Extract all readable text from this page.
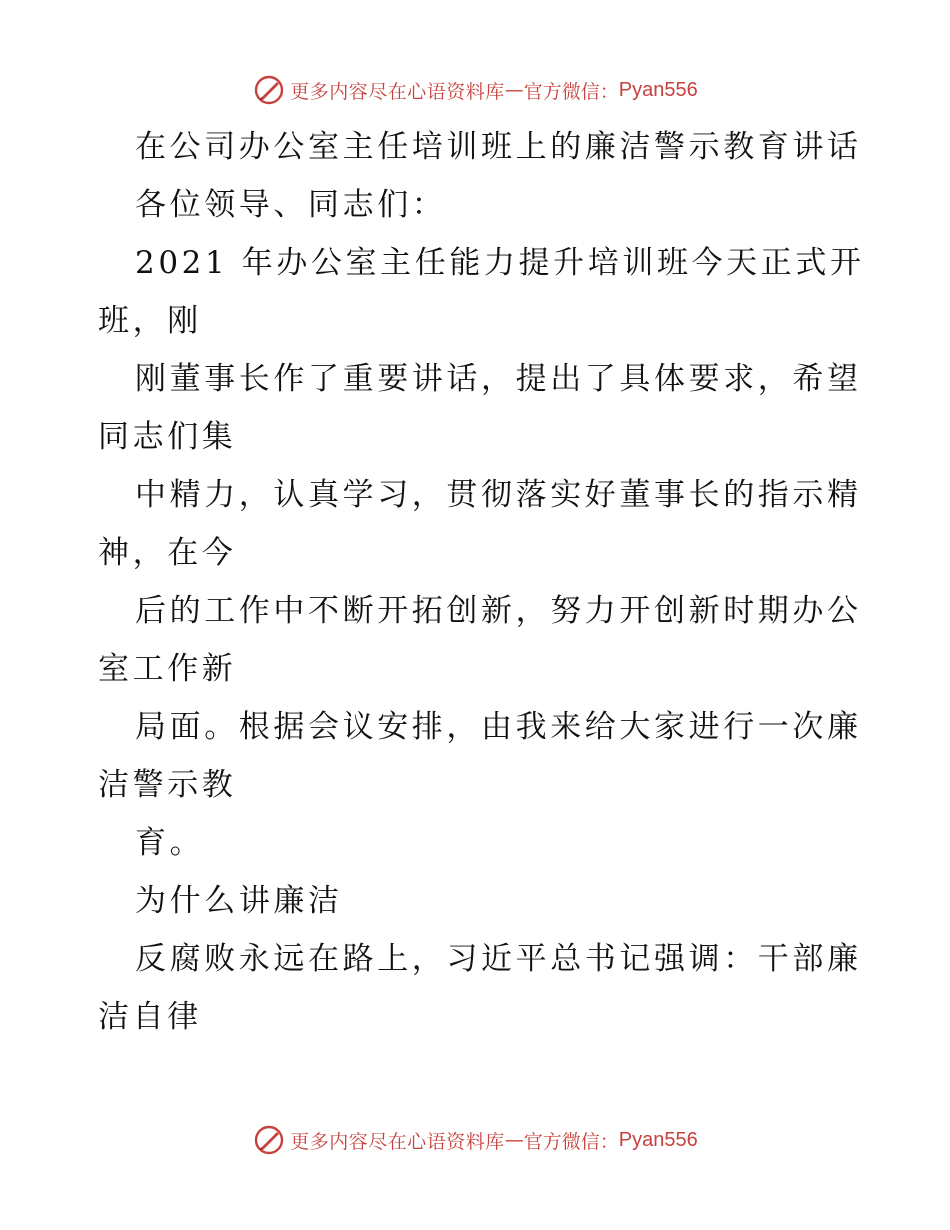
更多内容尽在心语资料库 — 官方微信： Pyan556
在公司办公室主任培训班上的廉洁警示教育讲话
各位领导、同志们：
2021 年办公室主任能力提升培训班今天正式开
班，刚
刚董事长作了重要讲话，提出了具体要求，希望
同志们集
中精力，认真学习，贯彻落实好董事长的指示精
神，在今
后的工作中不断开拓创新，努力开创新时期办公
室工作新
局面。根据会议安排，由我来给大家进行一次廉
洁警示教
育。
为什么讲廉洁
反腐败永远在路上，习近平总书记强调：干部廉
洁自律
更多内容尽在心语资料库 — 官方微信： Pyan556
